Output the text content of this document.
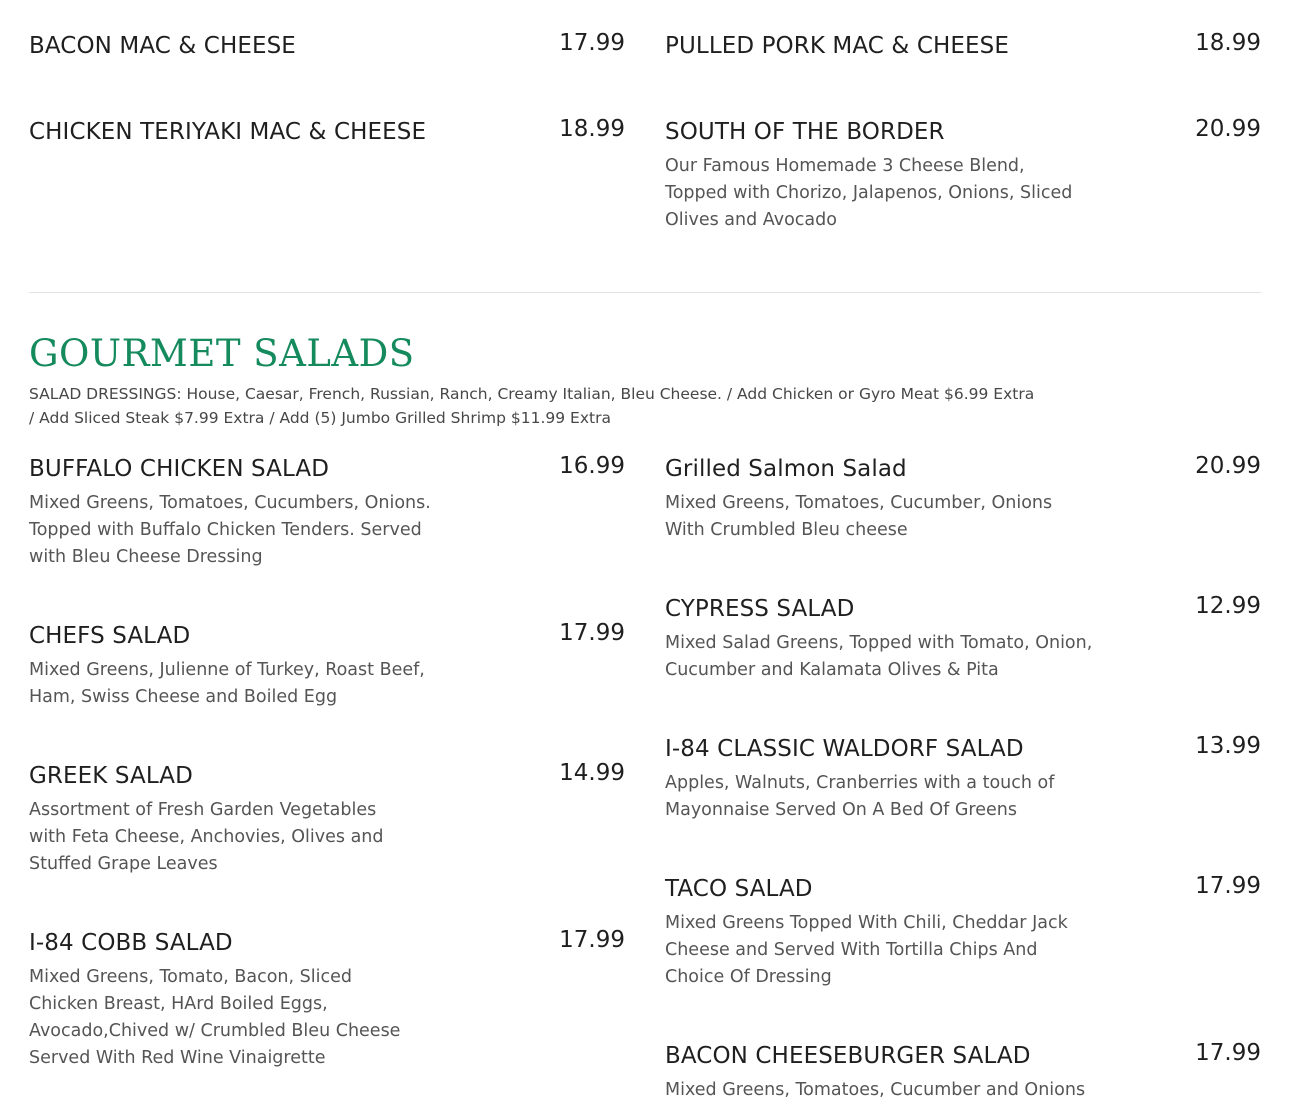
BACON MAC & CHEESE	17.99
CHICKEN TERIYAKI MAC & CHEESE	18.99
PULLED PORK MAC & CHEESE	18.99
SOUTH OF THE BORDER	20.99
Our Famous Homemade 3 Cheese Blend, Topped with Chorizo, Jalapenos, Onions, Sliced Olives and Avocado
GOURMET SALADS
SALAD DRESSINGS: House, Caesar, French, Russian, Ranch, Creamy Italian, Bleu Cheese. / Add Chicken or Gyro Meat $6.99 Extra / Add Sliced Steak $7.99 Extra / Add (5) Jumbo Grilled Shrimp $11.99 Extra
BUFFALO CHICKEN SALAD	16.99
Mixed Greens, Tomatoes, Cucumbers, Onions. Topped with Buffalo Chicken Tenders. Served with Bleu Cheese Dressing
CHEFS SALAD	17.99
Mixed Greens, Julienne of Turkey, Roast Beef, Ham, Swiss Cheese and Boiled Egg
GREEK SALAD	14.99
Assortment of Fresh Garden Vegetables with Feta Cheese, Anchovies, Olives and Stuffed Grape Leaves
I-84 COBB SALAD	17.99
Mixed Greens, Tomato, Bacon, Sliced Chicken Breast, HArd Boiled Eggs, Avocado,Chived w/ Crumbled Bleu Cheese Served With Red Wine Vinaigrette
Grilled Salmon Salad	20.99
Mixed Greens, Tomatoes, Cucumber, Onions With Crumbled Bleu cheese
CYPRESS SALAD	12.99
Mixed Salad Greens, Topped with Tomato, Onion, Cucumber and Kalamata Olives & Pita
I-84 CLASSIC WALDORF SALAD	13.99
Apples, Walnuts, Cranberries with a touch of Mayonnaise Served On A Bed Of Greens
TACO SALAD	17.99
Mixed Greens Topped With Chili, Cheddar Jack Cheese and Served With Tortilla Chips And Choice Of Dressing
BACON CHEESEBURGER SALAD	17.99
Mixed Greens, Tomatoes, Cucumber and Onions
